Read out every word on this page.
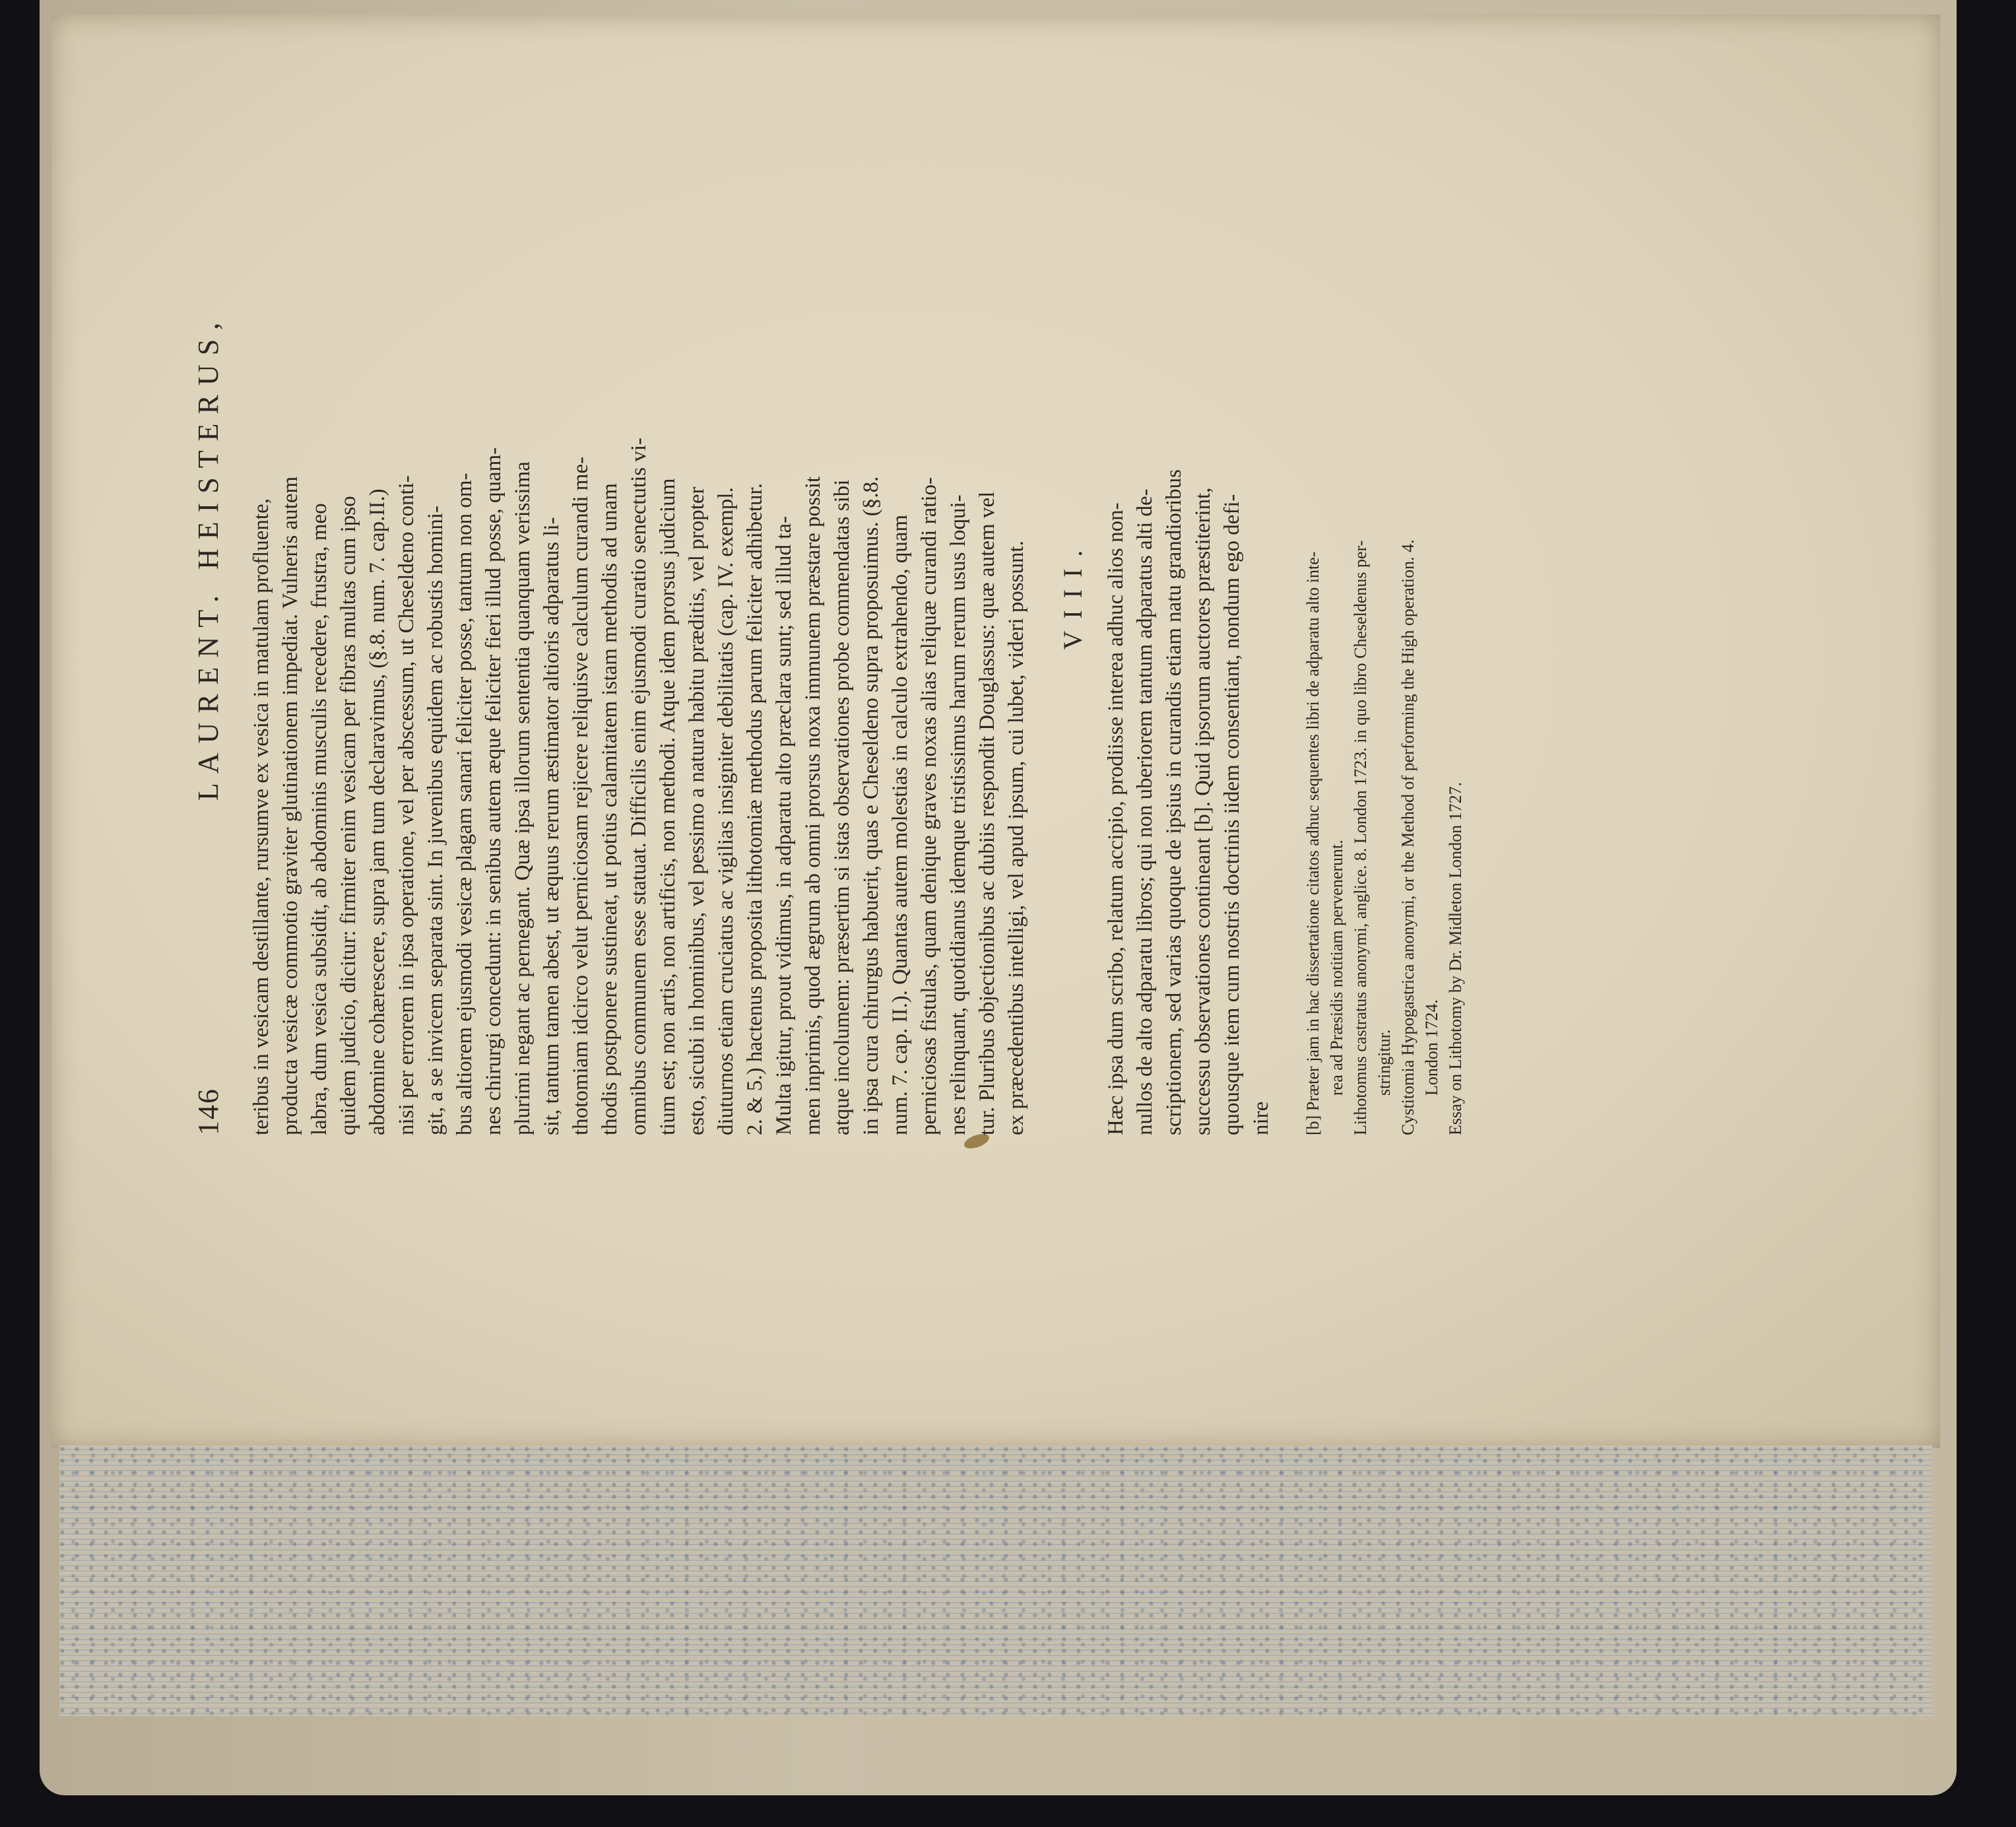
146
LAURENT. HEISTERUS, teribus in vesicam destillante, rursumve ex vesica in matulam profluente, producta vesicæ commotio graviter glutinationem impediat. Vulneris autem labra, dum vesica subsidit, ab abdominis musculis recedere, frustra, meo quidem judicio, dicitur: firmiter enim vesicam per fibras multas cum ipso abdomine cohærescere, supra jam tum declaravimus, (§.8. num. 7. cap.II.) nisi per errorem in ipsa operatione, vel per abscessum, ut Cheseldeno conti- git, a se invicem separata sint. In juvenibus equidem ac robustis homini- bus altiorem ejusmodi vesicæ plagam sanari feliciter posse, tantum non om- nes chirurgi concedunt: in senibus autem æque feliciter fieri illud posse, quam- plurimi negant ac pernegant. Quæ ipsa illorum sententia quanquam verissima sit, tantum tamen abest, ut æquus rerum æstimator altioris adparatus li- thotomiam idcirco velut perniciosam rejicere reliquisve calculum curandi me- thodis postponere sustineat, ut potius calamitatem istam methodis ad unam omnibus communem esse statuat. Difficilis enim ejusmodi curatio senectutis vi- tium est; non artis, non artificis, non methodi. Atque idem prorsus judicium esto, sicubi in hominibus, vel pessimo a natura habitu præditis, vel propter diuturnos etiam cruciatus ac vigilias insigniter debilitatis (cap. IV. exempl. 2. & 5.) hactenus proposita lithotomiæ methodus parum feliciter adhibetur. Multa igitur, prout vidimus, in adparatu alto præclara sunt; sed illud ta- men inprimis, quod ægrum ab omni prorsus noxa immunem præstare possit atque incolumem: præsertim si istas observationes probe commendatas sibi in ipsa cura chirurgus habuerit, quas e Cheseldeno supra proposuimus. (§.8. num. 7. cap. II.). Quantas autem molestias in calculo extrahendo, quam perniciosas fistulas, quam denique graves noxas alias reliquæ curandi ratio- nes relinquant, quotidianus idemque tristissimus harum rerum usus loqui- tur. Pluribus objectionibus ac dubiis respondit Douglassus: quæ autem vel ex præcedentibus intelligi, vel apud ipsum, cui lubet, videri possunt. VIII. Hæc ipsa dum scribo, relatum accipio, prodiisse interea adhuc alios non- nullos de alto adparatu libros; qui non uberiorem tantum adparatus alti de- scriptionem, sed varias quoque de ipsius in curandis etiam natu grandioribus successu observationes contineant [b]. Quid ipsorum auctores præstiterint, quousque item cum nostris doctrinis iidem consentiant, nondum ego defi- nire [b] Præter jam in hac dissertatione citatos adhuc sequentes libri de adparatu alto inte- rea ad Præsidis notitiam pervenerunt. Lithotomus castratus anonymi, anglice. 8. London 1723. in quo libro Cheseldenus per- stringitur. Cystitomia Hypogastrica anonymi, or the Method of performing the High operation. 4. London 1724. Essay on Lithotomy by Dr. Midleton London 1727.
